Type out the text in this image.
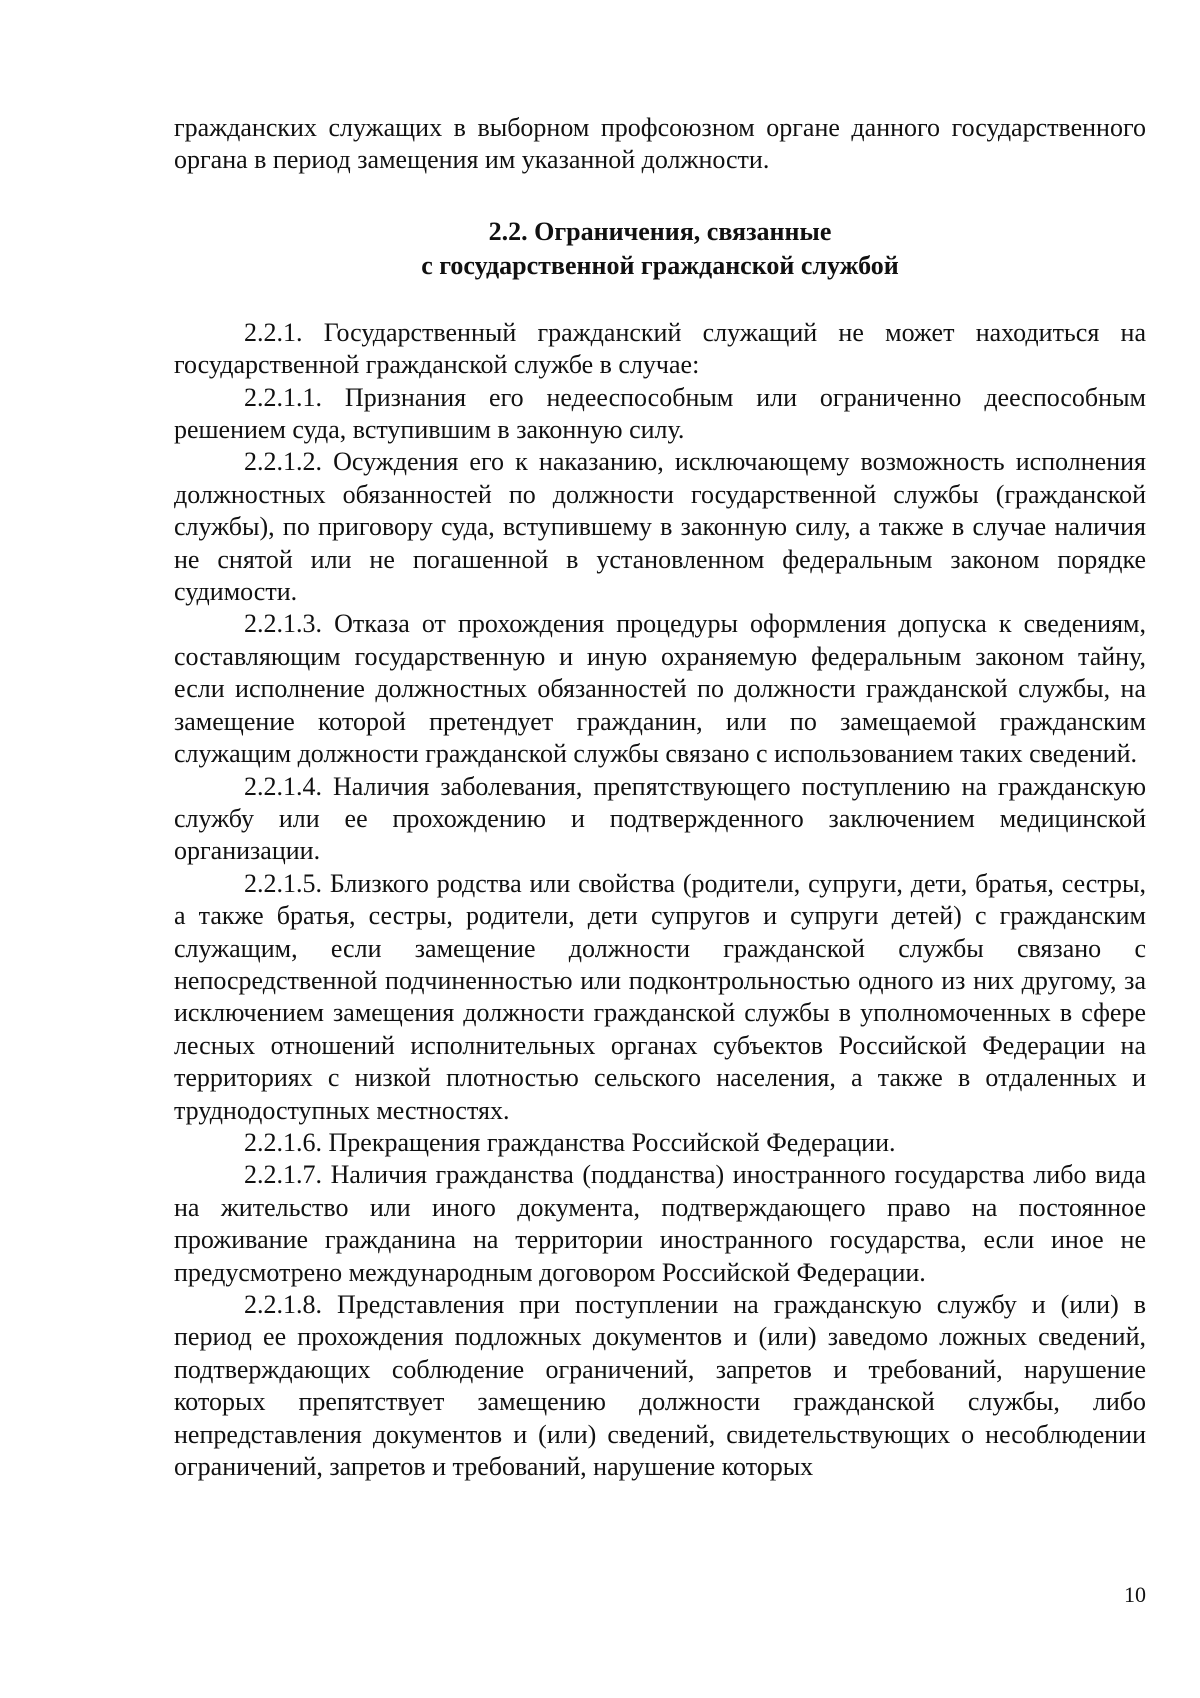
гражданских служащих в выборном профсоюзном органе данного государственного органа в период замещения им указанной должности.

2.2. Ограничения, связанные
с государственной гражданской службой

2.2.1. Государственный гражданский служащий не может находиться на государственной гражданской службе в случае:

2.2.1.1. Признания его недееспособным или ограниченно дееспособным решением суда, вступившим в законную силу.

2.2.1.2. Осуждения его к наказанию, исключающему возможность исполнения должностных обязанностей по должности государственной службы (гражданской службы), по приговору суда, вступившему в законную силу, а также в случае наличия не снятой или не погашенной в установленном федеральным законом порядке судимости.

2.2.1.3. Отказа от прохождения процедуры оформления допуска к сведениям, составляющим государственную и иную охраняемую федеральным законом тайну, если исполнение должностных обязанностей по должности гражданской службы, на замещение которой претендует гражданин, или по замещаемой гражданским служащим должности гражданской службы связано с использованием таких сведений.

2.2.1.4. Наличия заболевания, препятствующего поступлению на гражданскую службу или ее прохождению и подтвержденного заключением медицинской организации.

2.2.1.5. Близкого родства или свойства (родители, супруги, дети, братья, сестры, а также братья, сестры, родители, дети супругов и супруги детей) с гражданским служащим, если замещение должности гражданской службы связано с непосредственной подчиненностью или подконтрольностью одного из них другому, за исключением замещения должности гражданской службы в уполномоченных в сфере лесных отношений исполнительных органах субъектов Российской Федерации на территориях с низкой плотностью сельского населения, а также в отдаленных и труднодоступных местностях.

2.2.1.6. Прекращения гражданства Российской Федерации.

2.2.1.7. Наличия гражданства (подданства) иностранного государства либо вида на жительство или иного документа, подтверждающего право на постоянное проживание гражданина на территории иностранного государства, если иное не предусмотрено международным договором Российской Федерации.

2.2.1.8. Представления при поступлении на гражданскую службу и (или) в период ее прохождения подложных документов и (или) заведомо ложных сведений, подтверждающих соблюдение ограничений, запретов и требований, нарушение которых препятствует замещению должности гражданской службы, либо непредставления документов и (или) сведений, свидетельствующих о несоблюдении ограничений, запретов и требований, нарушение которых

10
